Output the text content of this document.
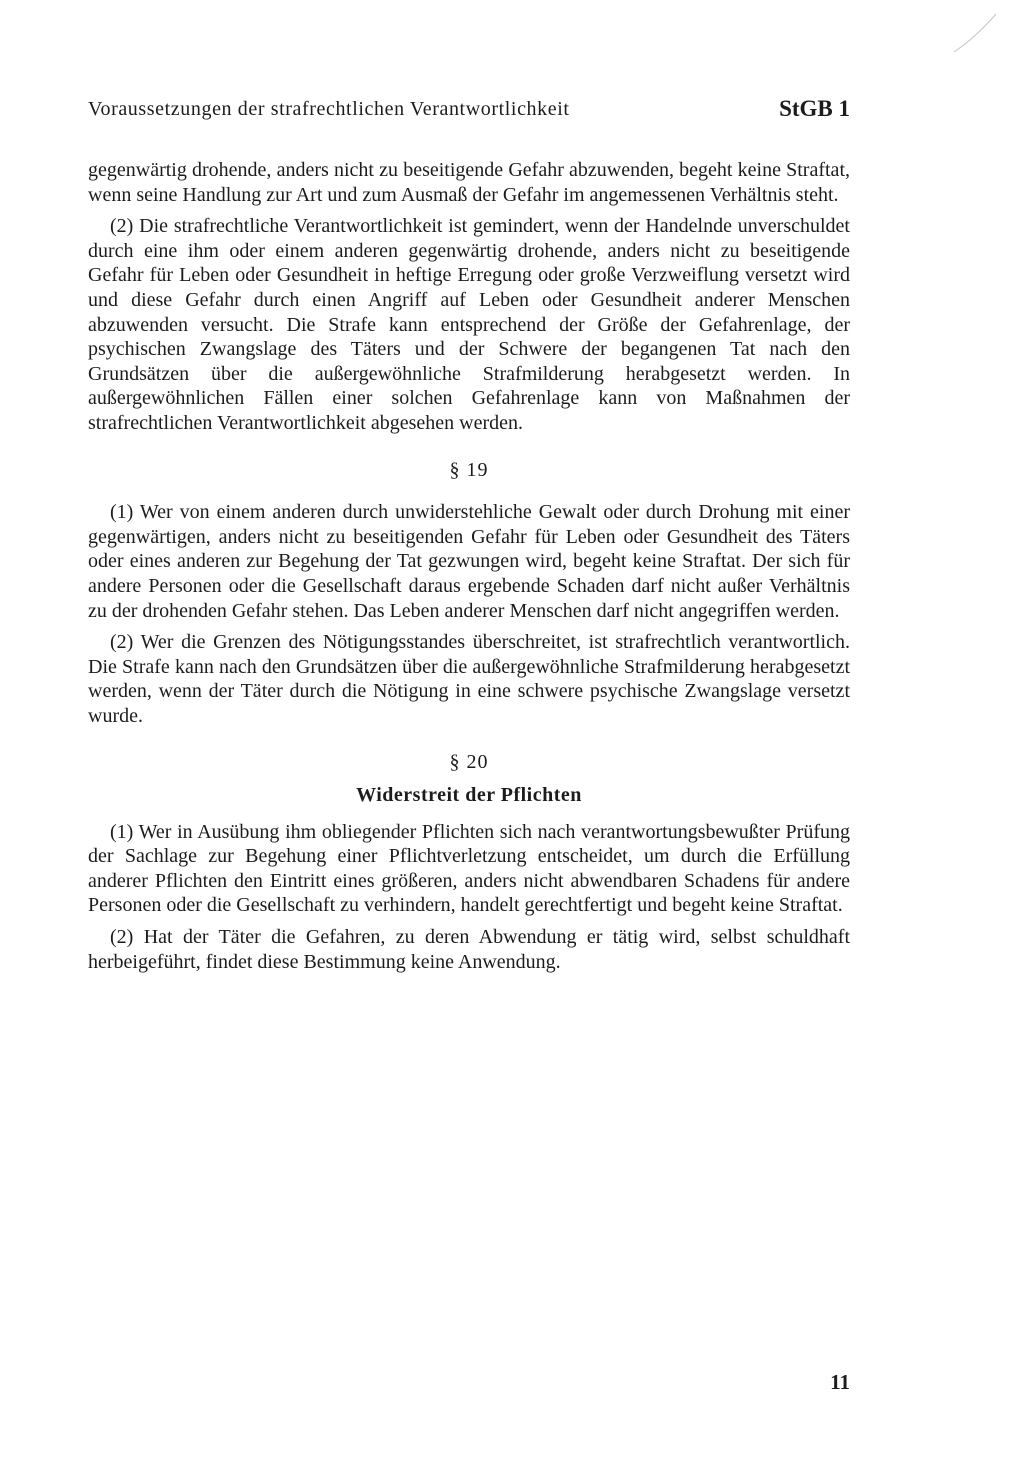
Voraussetzungen der strafrechtlichen Verantwortlichkeit	StGB 1

gegenwärtig drohende, anders nicht zu beseitigende Gefahr abzuwenden, begeht keine Straftat, wenn seine Handlung zur Art und zum Ausmaß der Gefahr im angemessenen Verhältnis steht.

(2) Die strafrechtliche Verantwortlichkeit ist gemindert, wenn der Handelnde unverschuldet durch eine ihm oder einem anderen gegenwärtig drohende, anders nicht zu beseitigende Gefahr für Leben oder Gesundheit in heftige Erregung oder große Verzweiflung versetzt wird und diese Gefahr durch einen Angriff auf Leben oder Gesundheit anderer Menschen abzuwenden versucht. Die Strafe kann entsprechend der Größe der Gefahrenlage, der psychischen Zwangslage des Täters und der Schwere der begangenen Tat nach den Grundsätzen über die außergewöhnliche Strafmilderung herabgesetzt werden. In außergewöhnlichen Fällen einer solchen Gefahrenlage kann von Maßnahmen der strafrechtlichen Verantwortlichkeit abgesehen werden.

§ 19

(1) Wer von einem anderen durch unwiderstehliche Gewalt oder durch Drohung mit einer gegenwärtigen, anders nicht zu beseitigenden Gefahr für Leben oder Gesundheit des Täters oder eines anderen zur Begehung der Tat gezwungen wird, begeht keine Straftat. Der sich für andere Personen oder die Gesellschaft daraus ergebende Schaden darf nicht außer Verhältnis zu der drohenden Gefahr stehen. Das Leben anderer Menschen darf nicht angegriffen werden.

(2) Wer die Grenzen des Nötigungsstandes überschreitet, ist strafrechtlich verantwortlich. Die Strafe kann nach den Grundsätzen über die außergewöhnliche Strafmilderung herabgesetzt werden, wenn der Täter durch die Nötigung in eine schwere psychische Zwangslage versetzt wurde.

§ 20
Widerstreit der Pflichten

(1) Wer in Ausübung ihm obliegender Pflichten sich nach verantwortungsbewußter Prüfung der Sachlage zur Begehung einer Pflichtverletzung entscheidet, um durch die Erfüllung anderer Pflichten den Eintritt eines größeren, anders nicht abwendbaren Schadens für andere Personen oder die Gesellschaft zu verhindern, handelt gerechtfertigt und begeht keine Straftat.

(2) Hat der Täter die Gefahren, zu deren Abwendung er tätig wird, selbst schuldhaft herbeigeführt, findet diese Bestimmung keine Anwendung.

11
